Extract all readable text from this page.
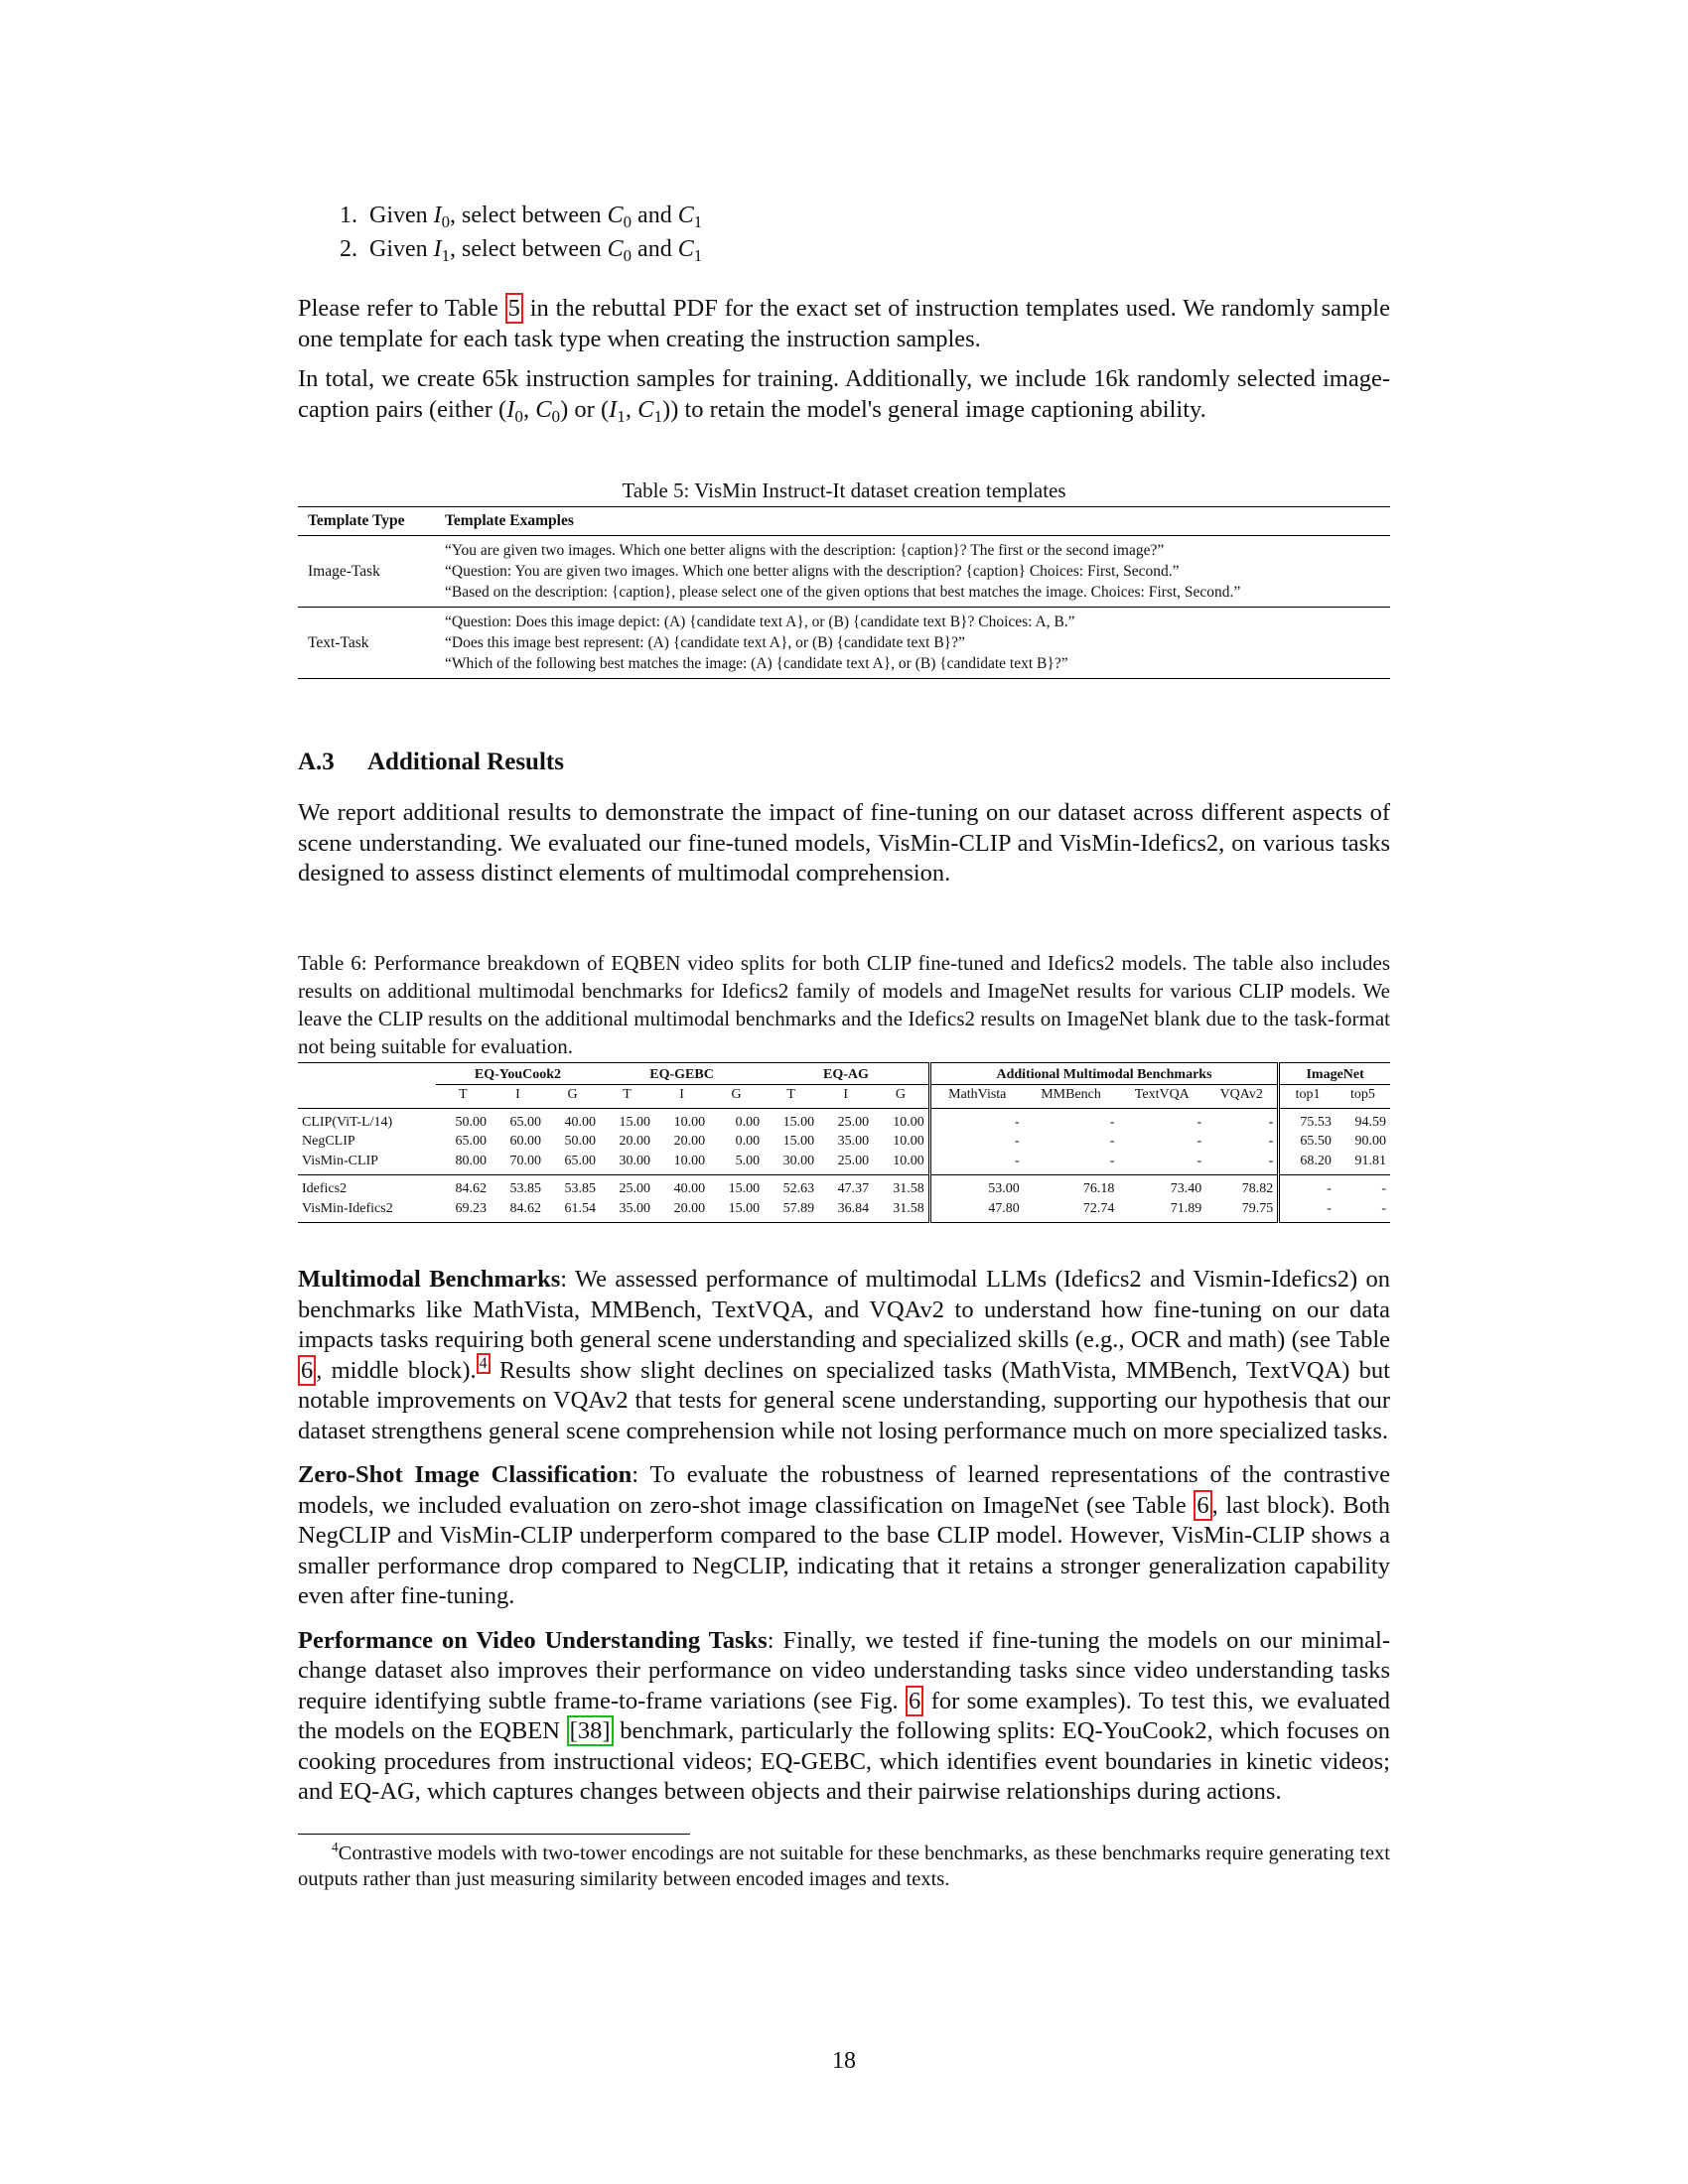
1. Given $I_0$, select between $C_0$ and $C_1$
2. Given $I_1$, select between $C_0$ and $C_1$

Please refer to Table 5 in the rebuttal PDF for the exact set of instruction templates used. We randomly sample one template for each task type when creating the instruction samples.

In total, we create 65k instruction samples for training. Additionally, we include 16k randomly selected image-caption pairs (either ($I_0$, $C_0$) or ($I_1$, $C_1$)) to retain the model's general image captioning ability.

Table 5: VisMin Instruct-It dataset creation templates
Template Type	Template Examples
Image-Task	“You are given two images. Which one better aligns with the description: {caption}? The first or the second image?”
“Question: You are given two images. Which one better aligns with the description? {caption} Choices: First, Second.”
“Based on the description: {caption}, please select one of the given options that best matches the image. Choices: First, Second.”

Text-Task	“Question: Does this image depict: (A) {candidate text A}, or (B) {candidate text B}? Choices: A, B.”
“Does this image best represent: (A) {candidate text A}, or (B) {candidate text B}?”
“Which of the following best matches the image: (A) {candidate text A}, or (B) {candidate text B}?”
A.3 Additional Results

We report additional results to demonstrate the impact of fine-tuning on our dataset across different aspects of scene understanding. We evaluated our fine-tuned models, VisMin-CLIP and VisMin-Idefics2, on various tasks designed to assess distinct elements of multimodal comprehension.

Table 6: Performance breakdown of EQBEN video splits for both CLIP fine-tuned and Idefics2 models. The table also includes results on additional multimodal benchmarks for Idefics2 family of models and ImageNet results for various CLIP models. We leave the CLIP results on the additional multimodal benchmarks and the Idefics2 results on ImageNet blank due to the task-format not being suitable for evaluation.
	EQ-YouCook2			EQ-GEBC			EQ-AG			Additional Multimodal Benchmarks				ImageNet	
	T	I	G	T	I	G	T	I	G	MathVista	MMBench	TextVQA	VQAv2	top1	top5
CLIP(ViT-L/14)	50.00	65.00	40.00	15.00	10.00	0.00	15.00	25.00	10.00	-	-	-	-	75.53	94.59
NegCLIP	65.00	60.00	50.00	20.00	20.00	0.00	15.00	35.00	10.00	-	-	-	-	65.50	90.00
VisMin-CLIP	80.00	70.00	65.00	30.00	10.00	5.00	30.00	25.00	10.00	-	-	-	-	68.20	91.81
Idefics2	84.62	53.85	53.85	25.00	40.00	15.00	52.63	47.37	31.58	53.00	76.18	73.40	78.82	-	-
VisMin-Idefics2	69.23	84.62	61.54	35.00	20.00	15.00	57.89	36.84	31.58	47.80	72.74	71.89	79.75	-	-

Multimodal Benchmarks: We assessed performance of multimodal LLMs (Idefics2 and Vismin-Idefics2) on benchmarks like MathVista, MMBench, TextVQA, and VQAv2 to understand how fine-tuning on our data impacts tasks requiring both general scene understanding and specialized skills (e.g., OCR and math) (see Table 6 , middle block). $^4$ Results show slight declines on specialized tasks (MathVista, MMBench, TextVQA) but notable improvements on VQAv2 that tests for general scene understanding, supporting our hypothesis that our dataset strengthens general scene comprehension while not losing performance much on more specialized tasks.

Zero-Shot Image Classification: To evaluate the robustness of learned representations of the contrastive models, we included evaluation on zero-shot image classification on ImageNet (see Table 6 , last block). Both NegCLIP and VisMin-CLIP underperform compared to the base CLIP model. However, VisMin-CLIP shows a smaller performance drop compared to NegCLIP, indicating that it retains a stronger generalization capability even after fine-tuning.

Performance on Video Understanding Tasks: Finally, we tested if fine-tuning the models on our minimal-change dataset also improves their performance on video understanding tasks since video understanding tasks require identifying subtle frame-to-frame variations (see Fig. 6 for some examples). To test this, we evaluated the models on the EQBEN [38] benchmark, particularly the following splits: EQ-YouCook2, which focuses on cooking procedures from instructional videos; EQ-GEBC, which identifies event boundaries in kinetic videos; and EQ-AG, which captures changes between objects and their pairwise relationships during actions.

$^4$Contrastive models with two-tower encodings are not suitable for these benchmarks, as these benchmarks require generating text outputs rather than just measuring similarity between encoded images and texts.
18
